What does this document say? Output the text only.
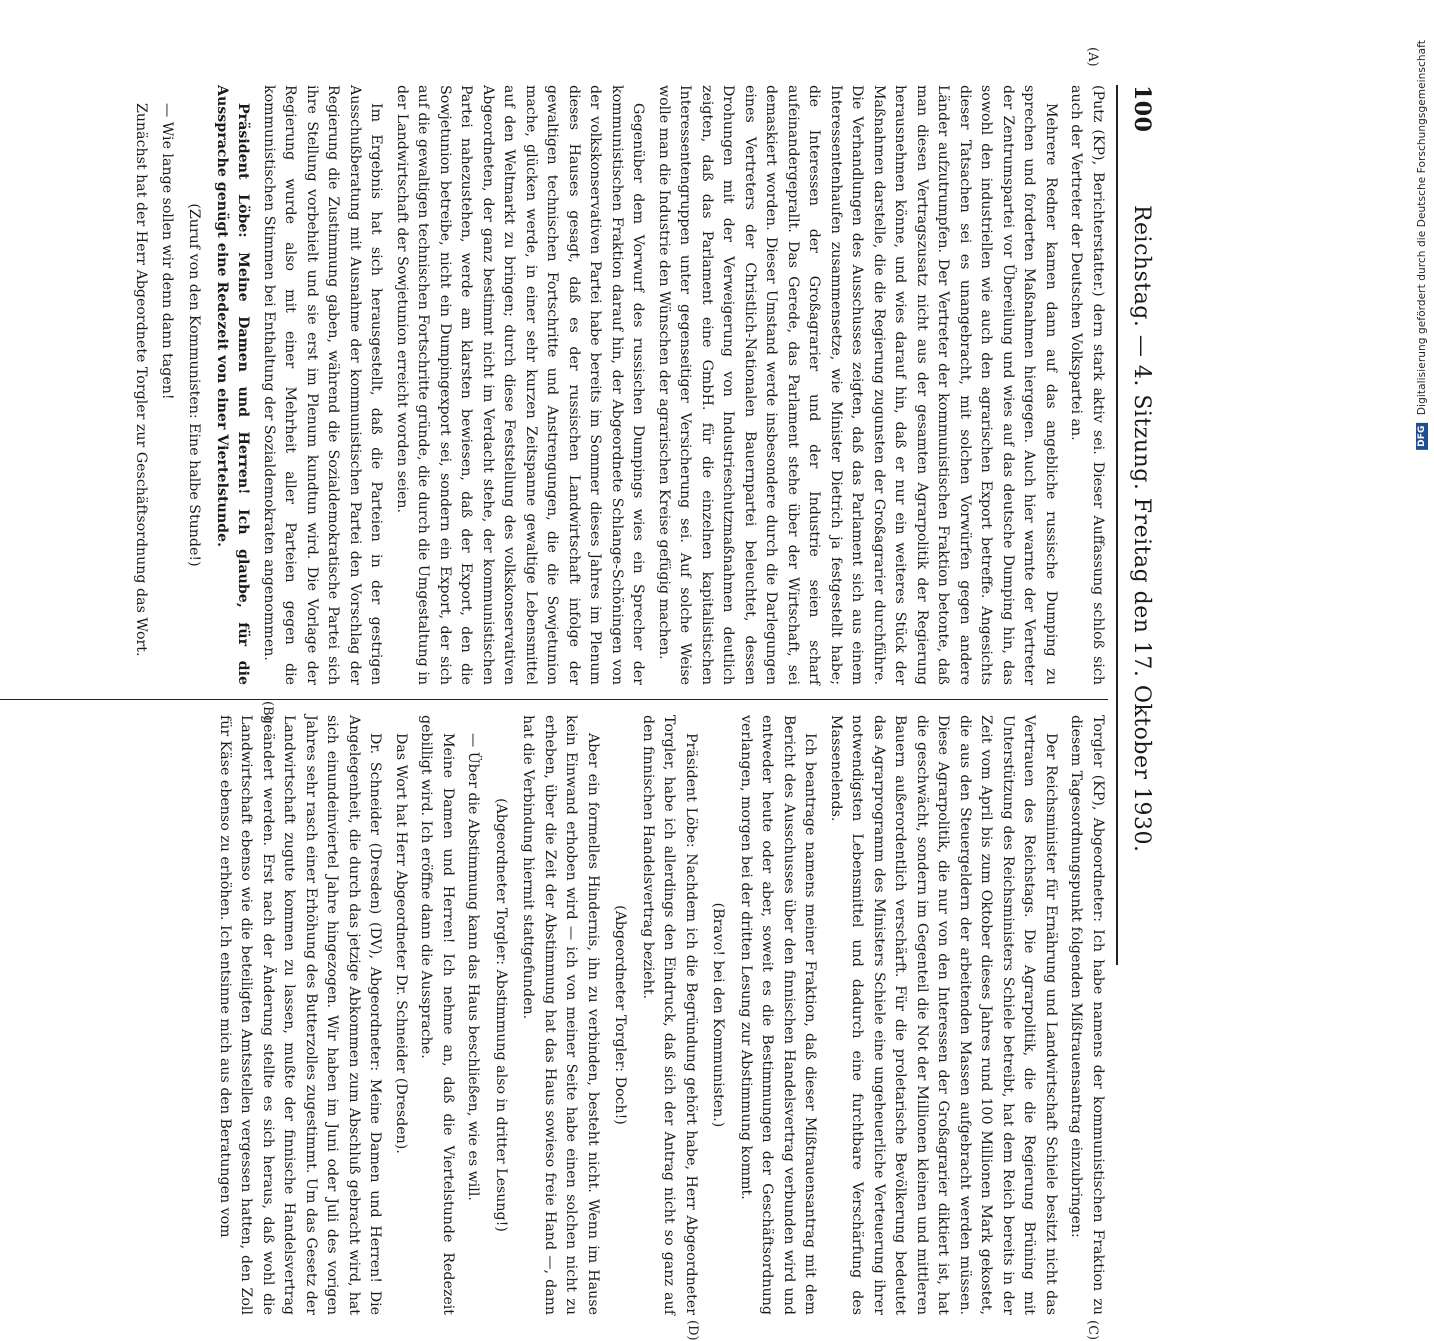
100
Reichstag. — 4. Sitzung. Freitag den 17. Oktober 1930.

(Putz (KP), Berichterstatter.) dern stark aktiv sei. Dieser Auffassung schloß sich auch der Vertreter der Deutschen Volkspartei an.

Mehrere Redner kamen dann auf das angebliche russische Dumping zu sprechen und forderten Maßnahmen hiergegen. Auch hier warnte der Vertreter der Zentrumspartei vor Übereilung und wies auf das deutsche Dumping hin, das sowohl den industriellen wie auch den agrarischen Export betreffe. Angesichts dieser Tatsachen sei es unangebracht, mit solchen Vorwürfen gegen andere Länder aufzutrumpfen. Der Vertreter der kommunistischen Fraktion betonte, daß man diesen Vertragszusatz nicht aus der gesamten Agrarpolitik der Regierung herausnehmen könne, und wies darauf hin, daß er nur ein weiteres Stück der Maßnahmen darstelle, die die Regierung zugunsten der Großagrarier durchführe. Die Verhandlungen des Ausschusses zeigten, daß das Parlament sich aus einem Interessentenhaufen zusammensetze, wie Minister Dietrich ja festgestellt habe; die Interessen der Großagrarier und der Industrie seien scharf aufeinandergeprallt. Das Gerede, das Parlament stehe über der Wirtschaft, sei demaskiert worden. Dieser Umstand werde insbesondere durch die Darlegungen eines Vertreters der Christlich-Nationalen Bauernpartei beleuchtet, dessen Drohungen mit der Verweigerung von Industrieschutzmaßnahmen deutlich zeigten, daß das Parlament eine GmbH. für die einzelnen kapitalistischen Interessentengruppen unter gegenseitiger Versicherung sei. Auf solche Weise wolle man die Industrie den Wünschen der agrarischen Kreise gefügig machen.

Gegenüber dem Vorwurf des russischen Dumpings wies ein Sprecher der kommunistischen Fraktion darauf hin, der Abgeordnete Schlange-Schöningen von der volkskonservativen Partei habe bereits im Sommer dieses Jahres im Plenum dieses Hauses gesagt, daß es der russischen Landwirtschaft infolge der gewaltigen technischen Fortschritte und Anstrengungen, die die Sowjetunion mache, glücken werde, in einer sehr kurzen Zeitspanne gewaltige Lebensmittel auf den Weltmarkt zu bringen; durch diese Feststellung des volkskonservativen Abgeordneten, der ganz bestimmt nicht im Verdacht stehe, der kommunistischen Partei nahezustehen, werde am klarsten bewiesen, daß der Export, den die Sowjetunion betreibe, nicht ein Dumpingexport sei, sondern ein Export, der sich auf die gewaltigen technischen Fortschritte gründe, die durch die Umgestaltung in der Landwirtschaft der Sowjetunion erreicht worden seien.

Im Ergebnis hat sich herausgestellt, daß die Parteien in der gestrigen Ausschußberatung mit Ausnahme der kommunistischen Partei den Vorschlag der Regierung die Zustimmung gaben, während die Sozialdemokratische Partei sich ihre Stellung vorbehielt und sie erst im Plenum kundtun wird. Die Vorlage der Regierung wurde also mit einer Mehrheit aller Parteien gegen die kommunistischen Stimmen bei Enthaltung der Sozialdemokraten angenommen.

Präsident Löbe: Meine Damen und Herren! Ich glaube, für die Aussprache genügt eine Redezeit von einer Viertelstunde.

(Zuruf von den Kommunisten: Eine halbe Stunde!)

— Wie lange sollen wir denn dann tagen!

Zunächst hat der Herr Abgeordnete Torgler zur Geschäftsordnung das Wort.

Torgler (KP), Abgeordneter: Ich habe namens der kommunistischen Fraktion zu diesem Tagesordnungspunkt folgenden Mißtrauensantrag einzubringen:

Der Reichsminister für Ernährung und Landwirtschaft Schiele besitzt nicht das Vertrauen des Reichstags. Die Agrarpolitik, die die Regierung Brüning mit Unterstützung des Reichsministers Schiele betreibt, hat dem Reich bereits in der Zeit vom April bis zum Oktober dieses Jahres rund 100 Millionen Mark gekostet, die aus den Steuergeldern der arbeitenden Massen aufgebracht werden müssen. Diese Agrarpolitik, die nur von den Interessen der Großagrarier diktiert ist, hat die geschwächt, sondern im Gegenteil die Not der Millionen kleinen und mittleren Bauern außerordentlich verschärft. Für die proletarische Bevölkerung bedeutet das Agrarprogramm des Ministers Schiele eine ungeheuerliche Verteuerung ihrer notwendigsten Lebensmittel und dadurch eine furchtbare Verschärfung des Massenelends.

Ich beantrage namens meiner Fraktion, daß dieser Mißtrauensantrag mit dem Bericht des Ausschusses über den finnischen Handelsvertrag verbunden wird und entweder heute oder aber, soweit es die Bestimmungen der Geschäftsordnung verlangen, morgen bei der dritten Lesung zur Abstimmung kommt.

(Bravo! bei den Kommunisten.)

Präsident Löbe: Nachdem ich die Begründung gehört habe, Herr Abgeordneter Torgler, habe ich allerdings den Eindruck, daß sich der Antrag nicht so ganz auf den finnischen Handelsvertrag bezieht.

(Abgeordneter Torgler: Doch!)

Aber ein formelles Hindernis, ihn zu verbinden, besteht nicht. Wenn im Hause kein Einwand erhoben wird — ich von meiner Seite habe einen solchen nicht zu erheben, über die Zeit der Abstimmung hat das Haus sowieso freie Hand —, dann hat die Verbindung hiermit stattgefunden.

(Abgeordneter Torgler: Abstimmung also in dritter Lesung!)

— Über die Abstimmung kann das Haus beschließen, wie es will.

Meine Damen und Herren! Ich nehme an, daß die Viertelstunde Redezeit gebilligt wird. Ich eröffne dann die Aussprache.

Das Wort hat Herr Abgeordneter Dr. Schneider (Dresden).

Dr. Schneider (Dresden) (DV), Abgeordneter: Meine Damen und Herren! Die Angelegenheit, die durch das jetzige Abkommen zum Abschluß gebracht wird, hat sich einundeinviertel Jahre hingezogen. Wir haben im Juni oder Juli des vorigen Jahres sehr rasch einer Erhöhung des Butterzolles zugestimmt. Um das Gesetz der Landwirtschaft zugute kommen zu lassen, mußte der finnische Handelsvertrag geändert werden. Erst nach der Änderung stellte es sich heraus, daß wohl die Landwirtschaft ebenso wie die beteiligten Amtsstellen vergessen hatten, den Zoll für Käse ebenso zu erhöhen. Ich entsinne mich aus den Beratungen vom

(A)
(B)
(C)
(D)
DFG Digitalisierung gefördert durch die Deutsche Forschungsgemeinschaft
